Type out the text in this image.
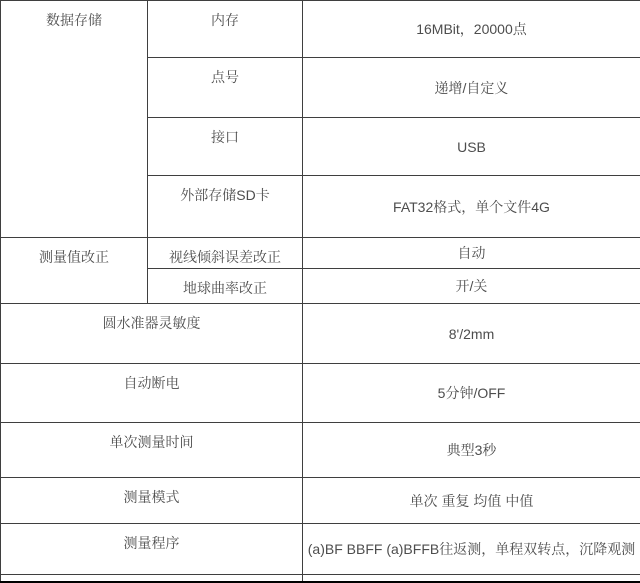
数据存储	内存	16MBit，20000点
	点号	递增/自定义
	接口	USB
	外部存储SD卡	FAT32格式，单个文件4G
测量值改正	视线倾斜误差改正	自动
	地球曲率改正	开/关
圆水准器灵敏度		8'/2mm
自动断电		5分钟/OFF
单次测量时间		典型3秒
测量模式		单次 重复 均值 中值
测量程序		(a)BF BBFF (a)BFFB往返测，单程双转点，沉降观测
